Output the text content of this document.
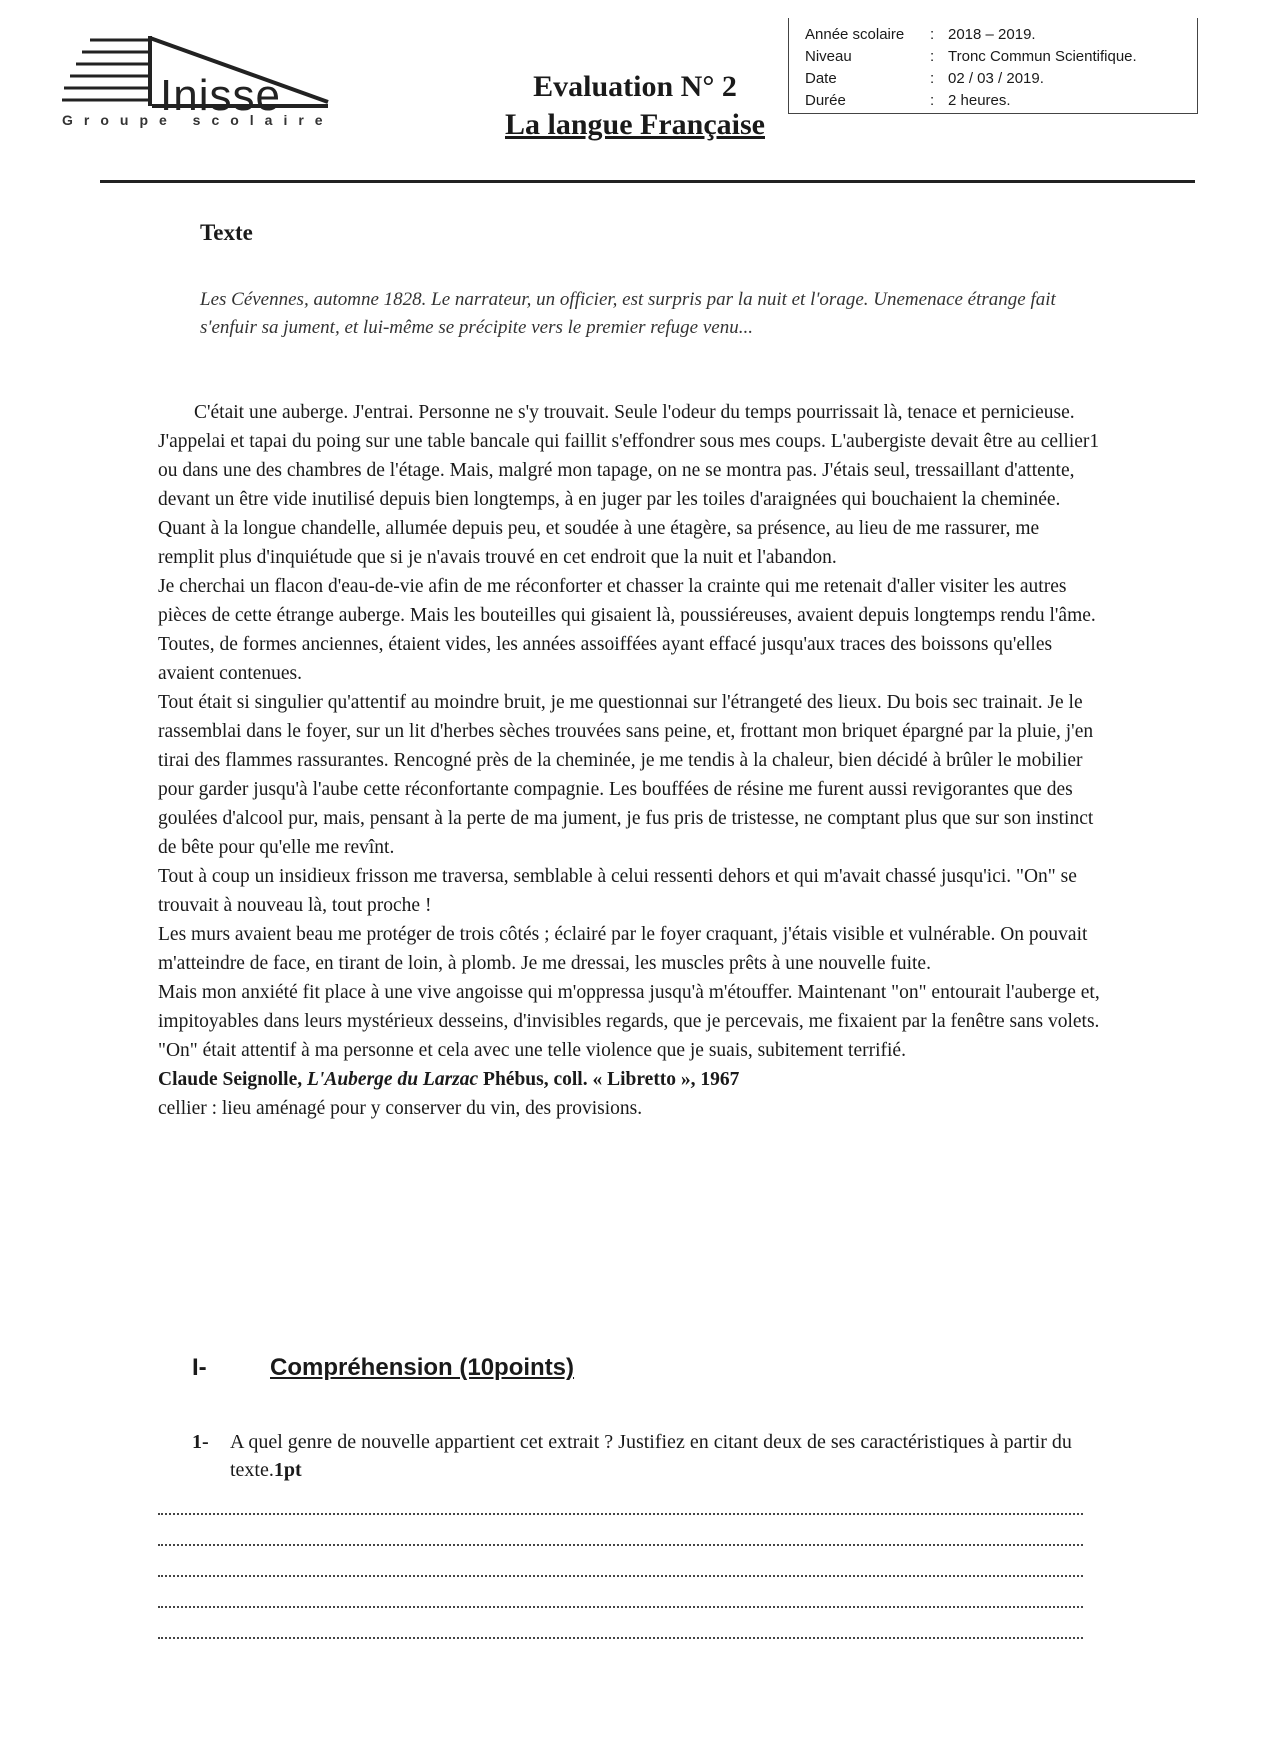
Inisse
Groupe scolaire
Evaluation N° 2
La langue Française
Année scolaire : 2018 – 2019.
Niveau	: Tronc Commun Scientifique.
Date	: 02 / 03 / 2019.
Durée	: 2 heures.
Texte
Les Cévennes, automne 1828. Le narrateur, un officier, est surpris par la nuit et l'orage. Unemenace étrange fait s'enfuir sa jument, et lui-même se précipite vers le premier refuge venu...

C'était une auberge. J'entrai. Personne ne s'y trouvait. Seule l'odeur du temps pourrissait là, tenace et pernicieuse. J'appelai et tapai du poing sur une table bancale qui faillit s'effondrer sous mes coups. L'aubergiste devait être au cellier1 ou dans une des chambres de l'étage. Mais, malgré mon tapage, on ne se montra pas. J'étais seul, tressaillant d'attente, devant un être vide inutilisé depuis bien longtemps, à en juger par les toiles d'araignées qui bouchaient la cheminée. Quant à la longue chandelle, allumée depuis peu, et soudée à une étagère, sa présence, au lieu de me rassurer, me remplit plus d'inquiétude que si je n'avais trouvé en cet endroit que la nuit et l'abandon.

Je cherchai un flacon d'eau-de-vie afin de me réconforter et chasser la crainte qui me retenait d'aller visiter les autres pièces de cette étrange auberge. Mais les bouteilles qui gisaient là, poussiéreuses, avaient depuis longtemps rendu l'âme. Toutes, de formes anciennes, étaient vides, les années assoiffées ayant effacé jusqu'aux traces des boissons qu'elles avaient contenues.

Tout était si singulier qu'attentif au moindre bruit, je me questionnai sur l'étrangeté des lieux. Du bois sec trainait. Je le rassemblai dans le foyer, sur un lit d'herbes sèches trouvées sans peine, et, frottant mon briquet épargné par la pluie, j'en tirai des flammes rassurantes. Rencogné près de la cheminée, je me tendis à la chaleur, bien décidé à brûler le mobilier pour garder jusqu'à l'aube cette réconfortante compagnie. Les bouffées de résine me furent aussi revigorantes que des goulées d'alcool pur, mais, pensant à la perte de ma jument, je fus pris de tristesse, ne comptant plus que sur son instinct de bête pour qu'elle me revînt.

Tout à coup un insidieux frisson me traversa, semblable à celui ressenti dehors et qui m'avait chassé jusqu'ici. "On" se trouvait à nouveau là, tout proche !

Les murs avaient beau me protéger de trois côtés ; éclairé par le foyer craquant, j'étais visible et vulnérable. On pouvait m'atteindre de face, en tirant de loin, à plomb. Je me dressai, les muscles prêts à une nouvelle fuite.

Mais mon anxiété fit place à une vive angoisse qui m'oppressa jusqu'à m'étouffer. Maintenant "on" entourait l'auberge et, impitoyables dans leurs mystérieux desseins, d'invisibles regards, que je percevais, me fixaient par la fenêtre sans volets. "On" était attentif à ma personne et cela avec une telle violence que je suais, subitement terrifié.

Claude Seignolle, L'Auberge du Larzac Phébus, coll. « Libretto », 1967

cellier : lieu aménagé pour y conserver du vin, des provisions.

I-	Compréhension (10points)
1- A quel genre de nouvelle appartient cet extrait ? Justifiez en citant deux de ses caractéristiques à partir du texte.1pt
